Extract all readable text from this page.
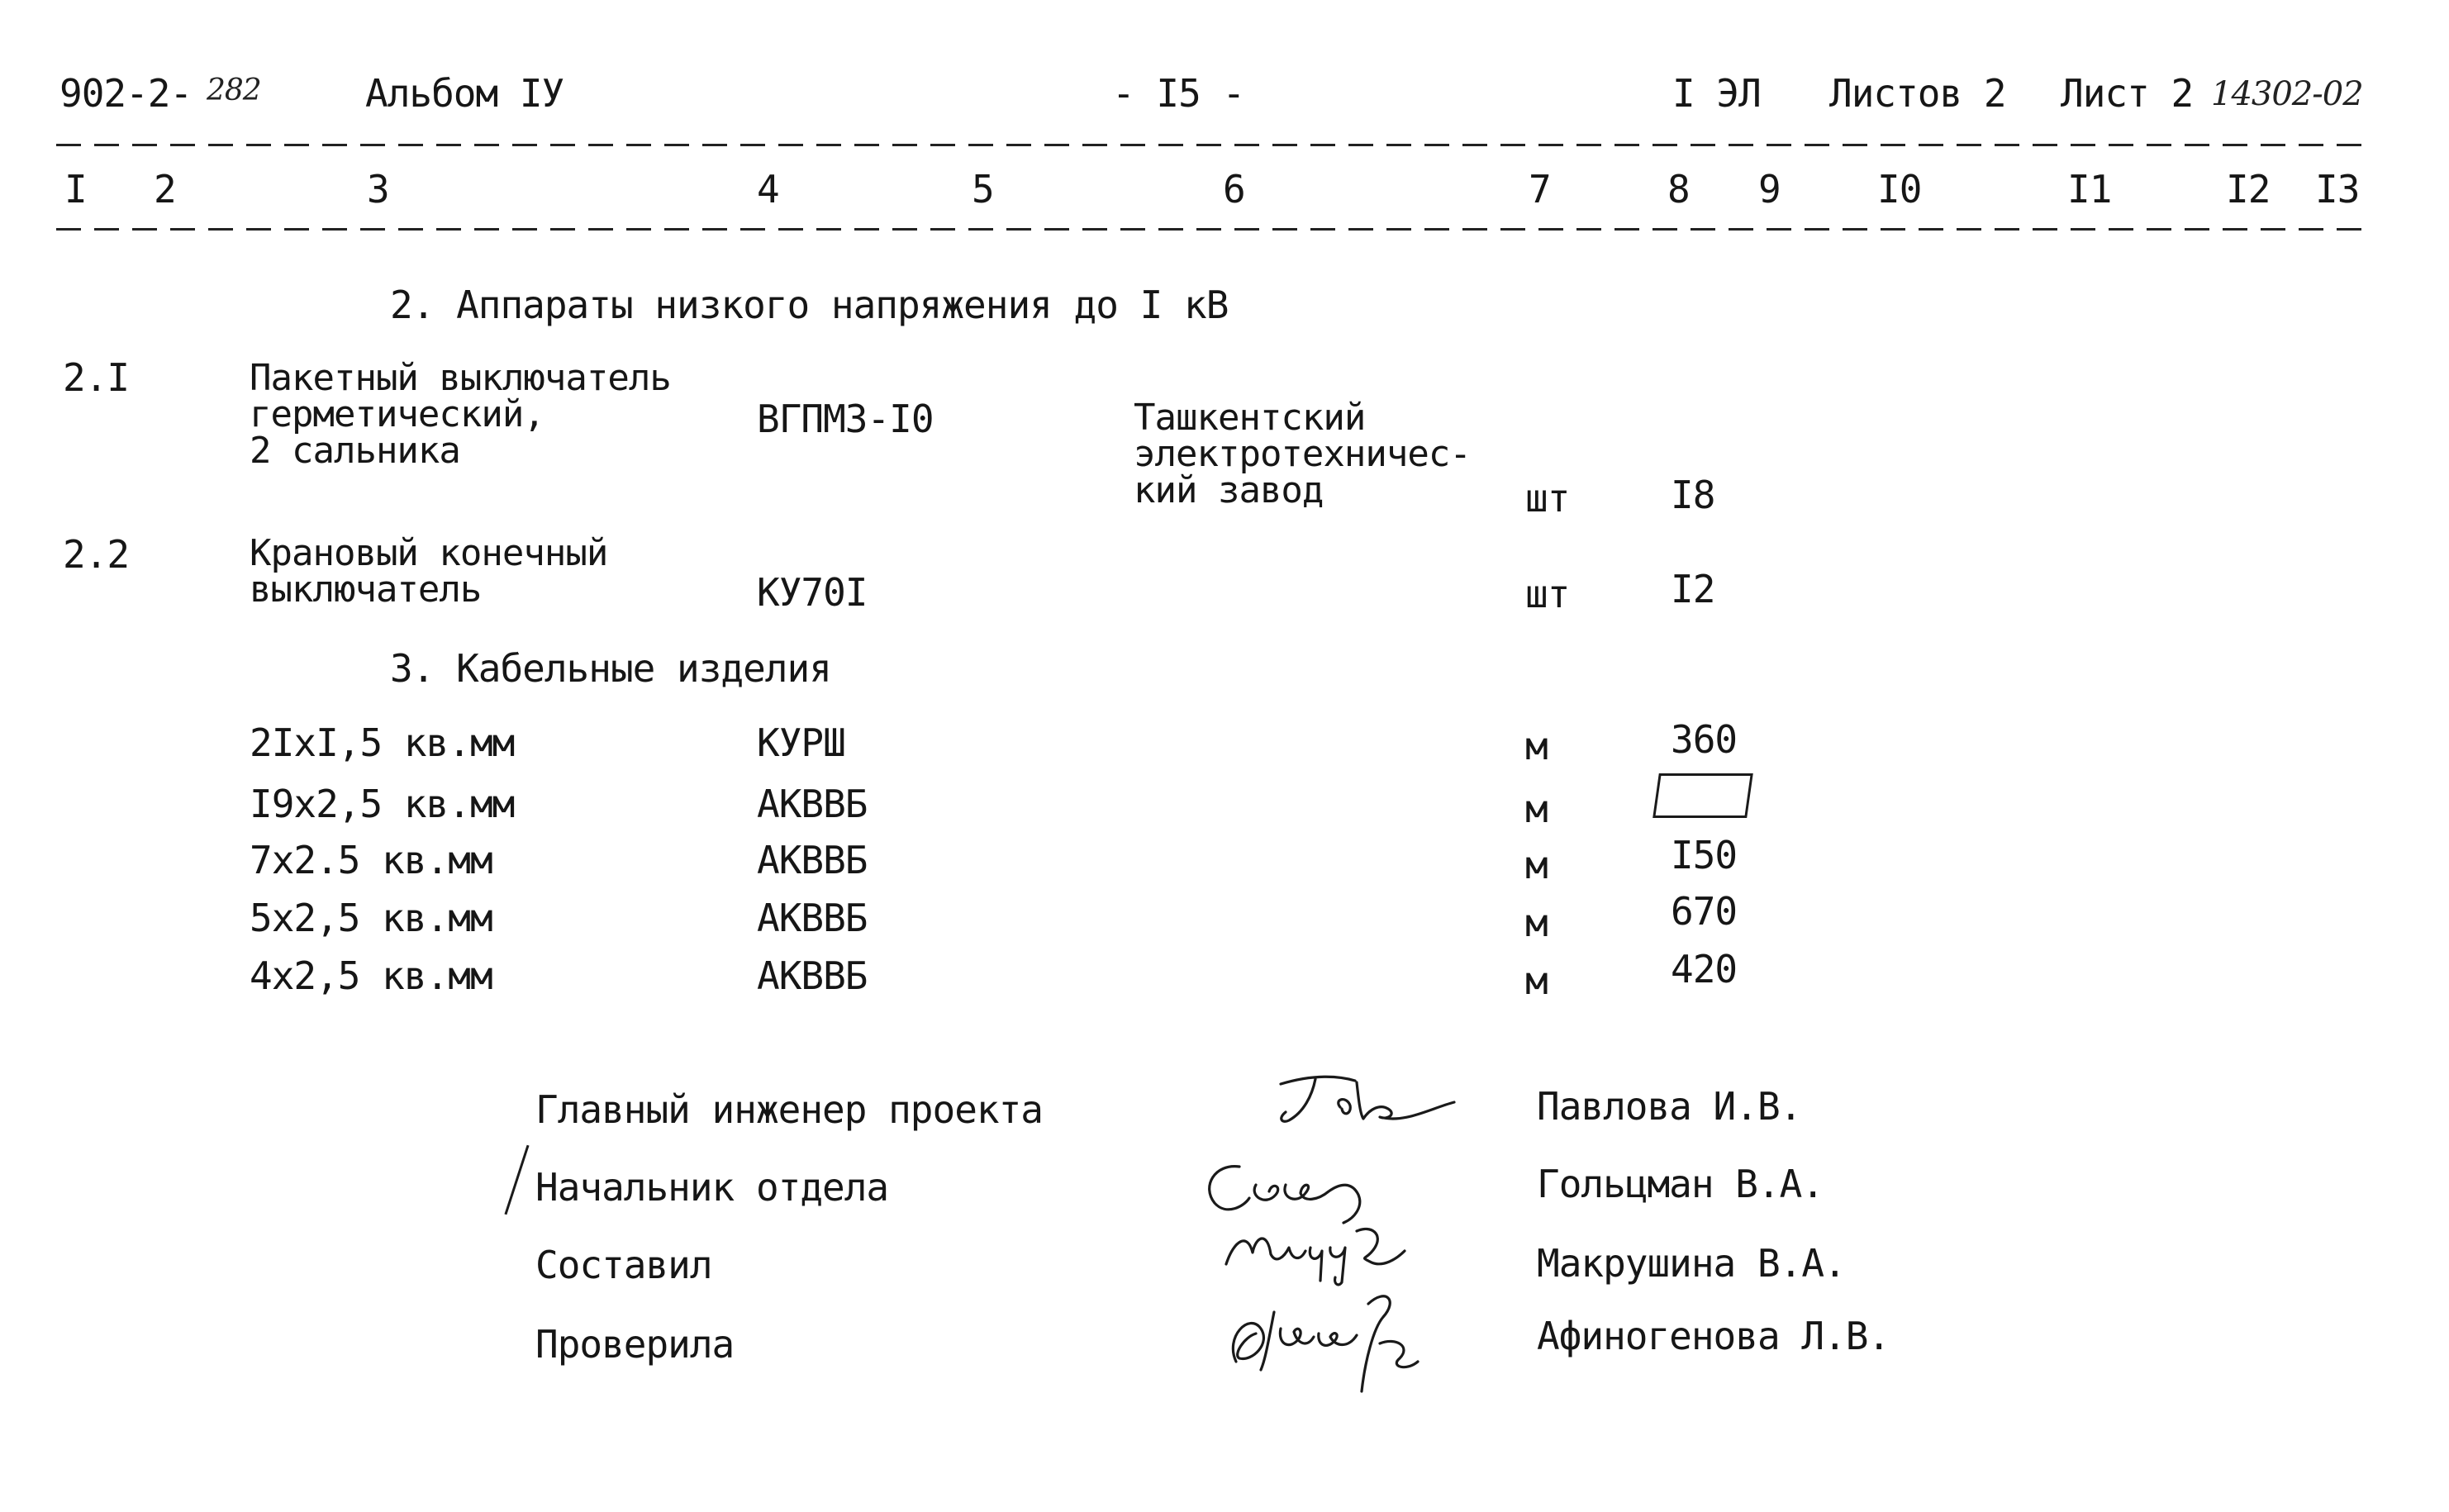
902-2- 282	Альбом IУ	- I5 -	I ЭЛ Листов 2 Лист 2 14302-02
I 2	3	4	5	6	7	8 9	I0	I1	I2 I3
2. Аппараты низкого напряжения до I кВ
2.I	Пакетный выключатель
герметический,
2 сальника
ВГПМ3-I0	Ташкентский
электротехничес-
кий завод	шт	I8
2.2	Крановый конечный
выключатель	КУ70I	шт	I2
3. Кабельные изделия
2IxI,5 кв.мм	КУРШ	м	360
I9x2,5 кв.мм	АКВВБ	м
7x2.5 кв.мм	АКВВБ	м	I50
5x2,5 кв.мм	АКВВБ	м	670
4x2,5 кв.мм	АКВВБ	м	420
Главный инженер проекта	Павлова И.В.
Начальник отдела	Гольцман В.А.
Составил	Макрушина В.А.
Проверила	Афиногенова Л.В.
